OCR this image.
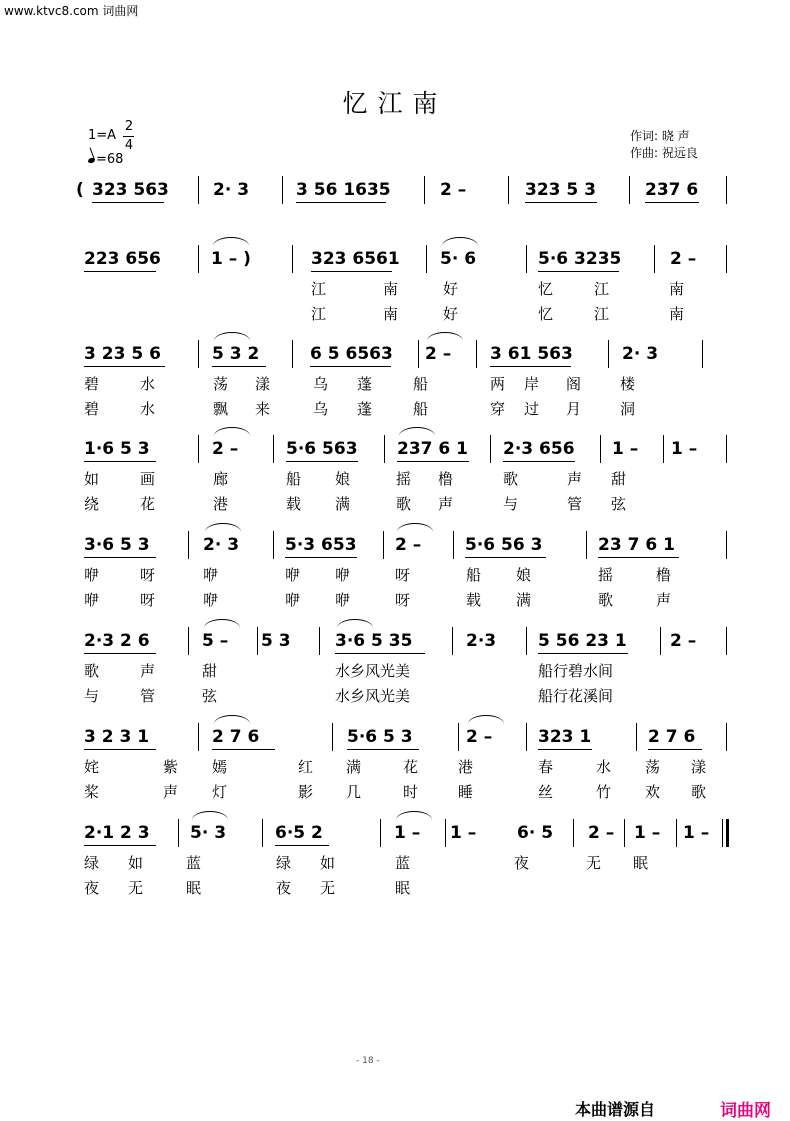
www.ktvc8.com 词曲网
忆江南
1=A
2
4
=68
作词: 晓 声
作曲: 祝远良
( 323 563	2· 3	3 56 1635	2 –	323 5 3	237 6
223 656	1 – )	323 6561 5· 6	5·6 3235	2 –
江	南	好	忆	江	南
江	南	好	忆	江	南
3 23 5 6	5 3 2	6 5 6563 2 – 3 61 563	2· 3
碧	水	荡 漾	乌 蓬	船	两 岸 阁	楼
碧	水	飘 来	乌 蓬	船	穿 过 月	洞
1·6 5 3	2 –	5·6 563 237 6 1 2·3 656 1 – 1 –
如	画	廊	船 娘	摇 橹	歌	声 甜
绕	花	港	载 满	歌 声	与	管 弦
3·6 5 3	2· 3	5·3 653 2 –	5·6 56 3	23 7 6 1
咿	呀	咿	咿 咿	呀	船 娘	摇	橹
咿	呀	咿	咿 咿	呀	载 满	歌	声
2·3 2 6	5 – 5 3	3·6 5 35	2·3 5 56 23 1	2 –
歌	声	甜	水乡风光美	船行碧水间
与	管	弦	水乡风光美	船行花溪间
3 2 3 1	2 7 6	5·6 5 3	2 –	323 1	2 7 6
姹	紫 嫣	红 满	花	港	春	水 荡 漾
桨	声 灯	影 几	时	睡	丝	竹 欢 歌
2·1 2 3 5· 3	6·5 2	1 – 1 – 6· 5 2 – 1 – 1 –
绿 如	蓝	绿 如	蓝	夜	无 眠
夜 无	眠	夜 无	眠
- 18 -
本曲谱源自	词曲网
